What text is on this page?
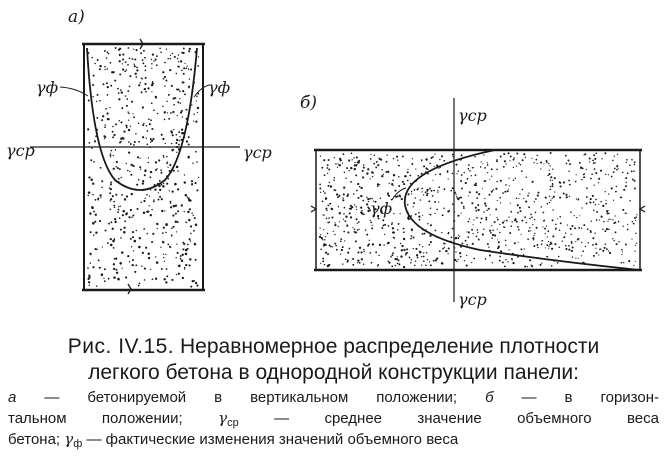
а)
γф	γф
γср	γср
б)
γср
γср
γф

Рис. IV.15. Неравномерное распределение плотности

легкого бетона в однородной конструкции панели:

а — бетонируемой в вертикальном положении; б — в горизон-

тальном положении; $\gamma_{ср}$ — среднее значение объемного веса

бетона; $\gamma_ф$ — фактические изменения значений объемного веса
